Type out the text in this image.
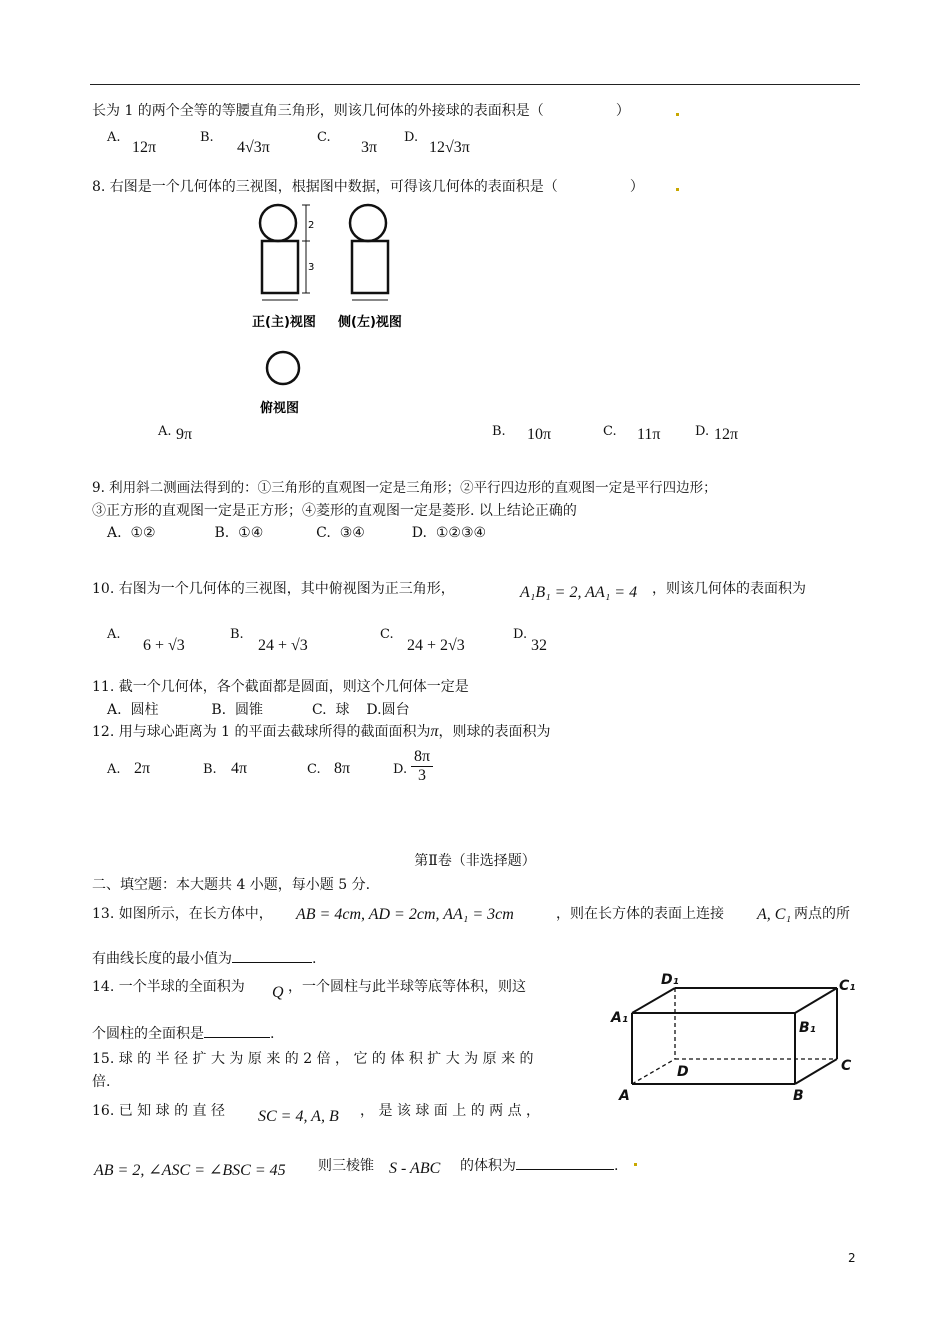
长为 1 的两个全等的等腰直角三角形，则该几何体的外接球的表面积是（	）
A.
12π
B.
4√3π
C.
3π
D.
12√3π
8. 右图是一个几何体的三视图，根据图中数据，可得该几何体的表面积是（	）
2
3
正(主)视图 侧(左)视图
俯视图
A. 9π	B. 10π	C. 11π	D. 12π
9. 利用斜二测画法得到的：①三角形的直观图一定是三角形；②平行四边形的直观图一定是平行四边形；
③正方形的直观图一定是正方形；④菱形的直观图一定是菱形. 以上结论正确的
A. ①②	B. ①④	C. ③④	D. ①②③④
10. 右图为一个几何体的三视图，其中俯视图为正三角形，	A₁B₁ = 2, AA₁ = 4 ，则该几何体的表面积为
A.
6 + √3
B.
24 + √3
C.
24 + 2√3
D.
32
11. 截一个几何体，各个截面都是圆面，则这个几何体一定是
A. 圆柱	B. 圆锥	C. 球 D.圆台
12. 用与球心距离为 1 的平面去截球所得的截面面积为π，则球的表面积为
A. 2π	B. 4π	C. 8π	D. $\frac{8\pi}{3}$
第Ⅱ卷（非选择题）
二、填空题：本大题共 4 小题，每小题 5 分.
13. 如图所示，在长方体中， AB = 4cm, AD = 2cm, AA₁ = 3cm	，则在长方体的表面上连接 A, C₁ 两点的所
有曲线长度的最小值为	.
14. 一个半球的全面积为 Q ，一个圆柱与此半球等底等体积，则这
个圆柱的全面积是	.
15. 球 的 半 径 扩 大 为 原 来 的 2 倍 ， 它 的 体 积 扩 大 为 原 来 的
倍.
16. 已 知 球 的 直 径 SC = 4, A, B ， 是 该 球 面 上 的 两 点 ，
AB = 2, ∠ASC = ∠BSC = 45 则三棱锥 S - ABC 的体积为	.
D₁	C₁
A₁
B₁
D	C
A	B
2
